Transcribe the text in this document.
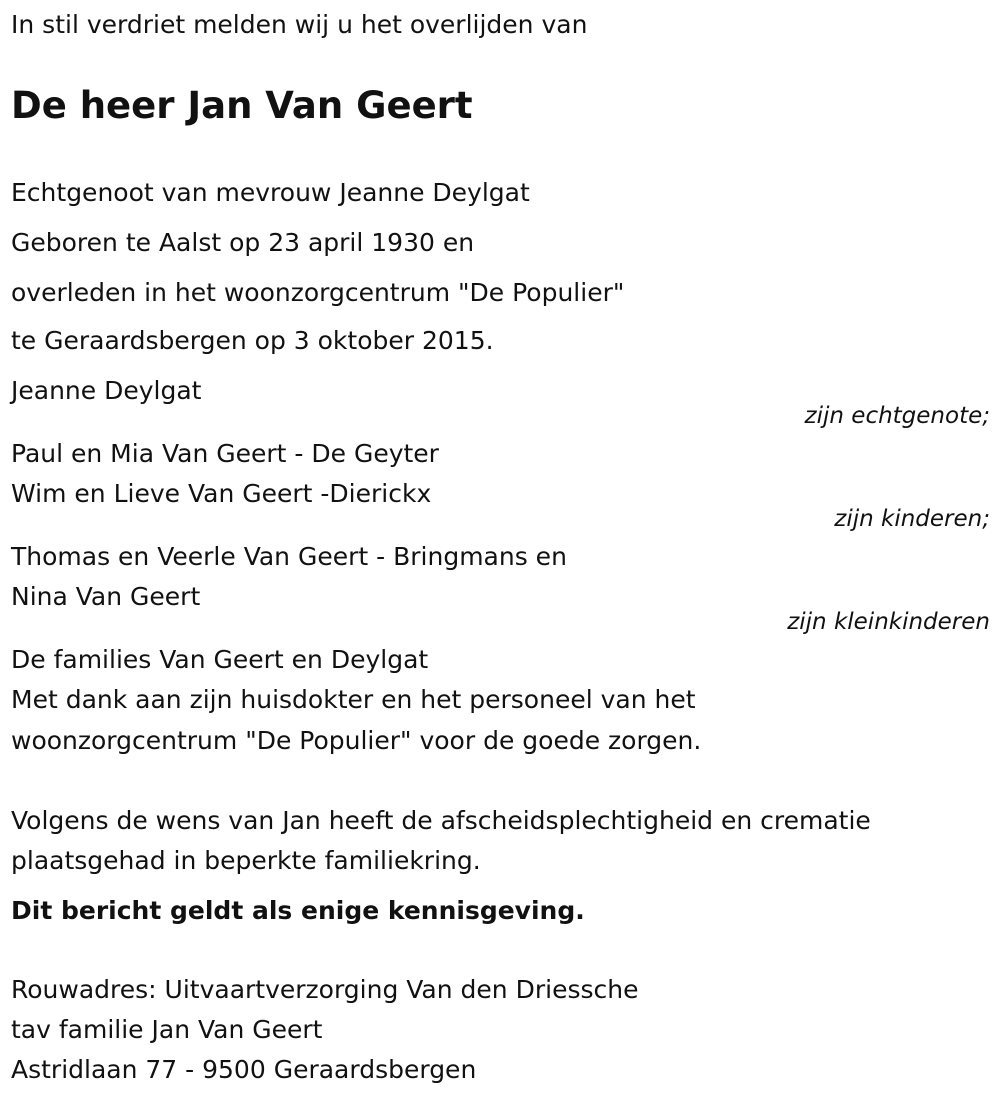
In stil verdriet melden wij u het overlijden van

De heer Jan Van Geert

Echtgenoot van mevrouw Jeanne Deylgat

Geboren te Aalst op 23 april 1930 en

overleden in het woonzorgcentrum "De Populier"

te Geraardsbergen op 3 oktober 2015.

Jeanne Deylgat

zijn echtgenote;

Paul en Mia Van Geert - De Geyter

Wim en Lieve Van Geert -Dierickx

zijn kinderen;

Thomas en Veerle Van Geert - Bringmans en

Nina Van Geert

zijn kleinkinderen

De families Van Geert en Deylgat

Met dank aan zijn huisdokter en het personeel van het

woonzorgcentrum "De Populier" voor de goede zorgen.

Volgens de wens van Jan heeft de afscheidsplechtigheid en crematie

plaatsgehad in beperkte familiekring.

Dit bericht geldt als enige kennisgeving.

Rouwadres: Uitvaartverzorging Van den Driessche

tav familie Jan Van Geert

Astridlaan 77 - 9500 Geraardsbergen
